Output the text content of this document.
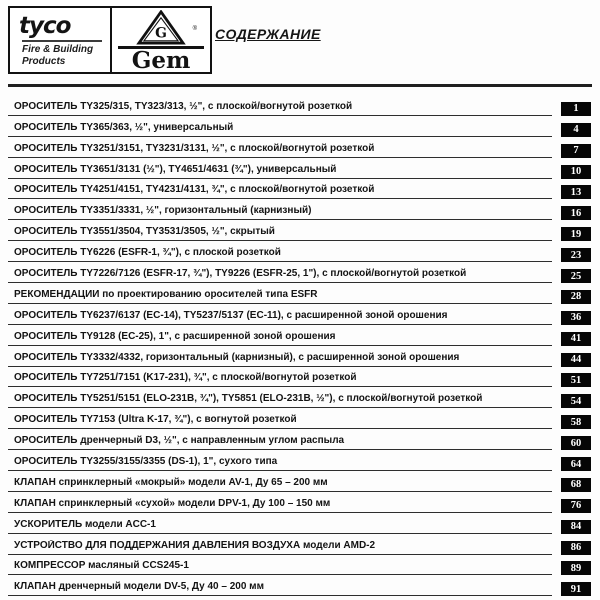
tyco
Fire & Building
Products
G	®
Gem
СОДЕРЖАНИЕ
ОРОСИТЕЛЬ TY325/315, TY323/313, ½", с плоской/вогнутой розеткой	1
ОРОСИТЕЛЬ TY365/363, ½", универсальный	4
ОРОСИТЕЛЬ TY3251/3151, TY3231/3131, ½", с плоской/вогнутой розеткой	7
ОРОСИТЕЛЬ TY3651/3131 (½"), TY4651/4631 (¾"), универсальный	10
ОРОСИТЕЛЬ TY4251/4151, TY4231/4131, ¾", с плоской/вогнутой розеткой	13
ОРОСИТЕЛЬ TY3351/3331, ½", горизонтальный (карнизный)	16
ОРОСИТЕЛЬ TY3551/3504, TY3531/3505, ½", скрытый	19
ОРОСИТЕЛЬ TY6226 (ESFR-1, ¾"), с плоской розеткой	23
ОРОСИТЕЛЬ TY7226/7126 (ESFR-17, ¾"), TY9226 (ESFR-25, 1"), с плоской/вогнутой розеткой	25
РЕКОМЕНДАЦИИ по проектированию оросителей типа ESFR	28
ОРОСИТЕЛЬ TY6237/6137 (EC-14), TY5237/5137 (EC-11), с расширенной зоной орошения	36
ОРОСИТЕЛЬ TY9128 (EC-25), 1", с расширенной зоной орошения	41
ОРОСИТЕЛЬ TY3332/4332, горизонтальный (карнизный), с расширенной зоной орошения	44
ОРОСИТЕЛЬ TY7251/7151 (K17-231), ¾", с плоской/вогнутой розеткой	51
ОРОСИТЕЛЬ TY5251/5151 (ELO-231B, ¾"), TY5851 (ELO-231B, ½"), с плоской/вогнутой розеткой	54
ОРОСИТЕЛЬ TY7153 (Ultra K-17, ¾"), с вогнутой розеткой	58
ОРОСИТЕЛЬ дренчерный D3, ½", с направленным углом распыла	60
ОРОСИТЕЛЬ TY3255/3155/3355 (DS-1), 1", сухого типа	64
КЛАПАН спринклерный «мокрый» модели AV-1, Ду 65 – 200 мм	68
КЛАПАН спринклерный «сухой» модели DPV-1, Ду 100 – 150 мм	76
УСКОРИТЕЛЬ модели ACC-1	84
УСТРОЙСТВО ДЛЯ ПОДДЕРЖАНИЯ ДАВЛЕНИЯ ВОЗДУХА модели AMD-2	86
КОМПРЕССОР масляный CCS245-1	89
КЛАПАН дренчерный модели DV-5, Ду 40 – 200 мм	91
